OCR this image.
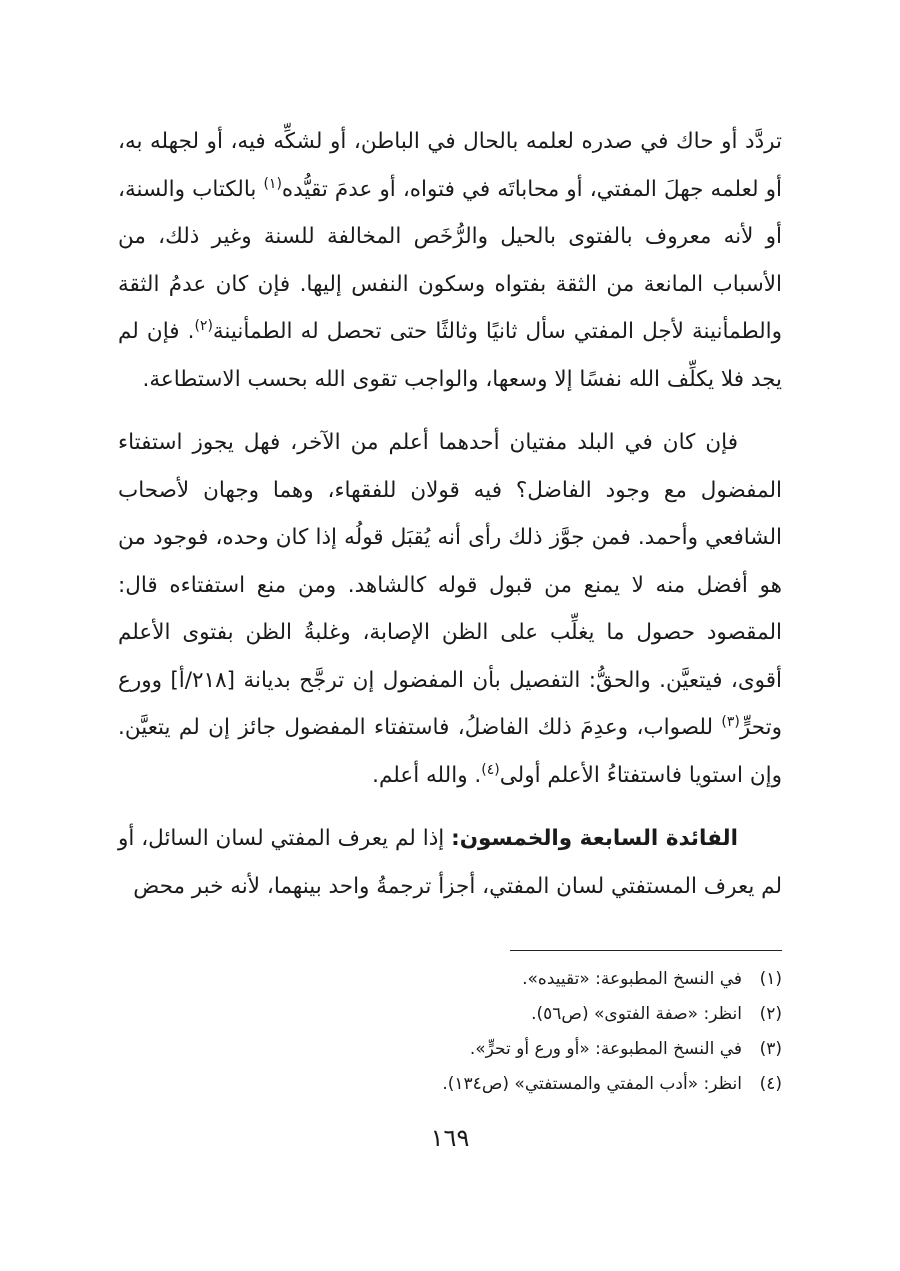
تردَّد أو حاك في صدره لعلمه بالحال في الباطن، أو لشكِّه فيه، أو لجهله به، أو لعلمه جهلَ المفتي، أو محاباتَه في فتواه، أو عدمَ تقيُّده$^{(١)}$ بالكتاب والسنة، أو لأنه معروف بالفتوى بالحيل والرُّخَص المخالفة للسنة وغير ذلك، من الأسباب المانعة من الثقة بفتواه وسكون النفس إليها. فإن كان عدمُ الثقة والطمأنينة لأجل المفتي سأل ثانيًا وثالثًا حتى تحصل له الطمأنينة$^{(٢)}$. فإن لم يجد فلا يكلِّف الله نفسًا إلا وسعها، والواجب تقوى الله بحسب الاستطاعة.

فإن كان في البلد مفتيان أحدهما أعلم من الآخر، فهل يجوز استفتاء المفضول مع وجود الفاضل؟ فيه قولان للفقهاء، وهما وجهان لأصحاب الشافعي وأحمد. فمن جوَّز ذلك رأى أنه يُقبَل قولُه إذا كان وحده، فوجود من هو أفضل منه لا يمنع من قبول قوله كالشاهد. ومن منع استفتاءه قال: المقصود حصول ما يغلِّب على الظن الإصابة، وغلبةُ الظن بفتوى الأعلم أقوى، فيتعيَّن. والحقُّ: التفصيل بأن المفضول إن ترجَّح بديانة [٢١٨/أ] وورع وتحرٍّ$^{(٣)}$ للصواب، وعدِمَ ذلك الفاضلُ، فاستفتاء المفضول جائز إن لم يتعيَّن. وإن استويا فاستفتاءُ الأعلم أولى$^{(٤)}$. والله أعلم.

الفائدة السابعة والخمسون: إذا لم يعرف المفتي لسان السائل، أو لم يعرف المستفتي لسان المفتي، أجزأ ترجمةُ واحد بينهما، لأنه خبر محض

(١)
في النسخ المطبوعة: «تقييده».

(٢)
انظر: «صفة الفتوى» (ص٥٦).

(٣)
في النسخ المطبوعة: «أو ورع أو تحرٍّ».

(٤)
انظر: «أدب المفتي والمستفتي» (ص١٣٤).

١٦٩
